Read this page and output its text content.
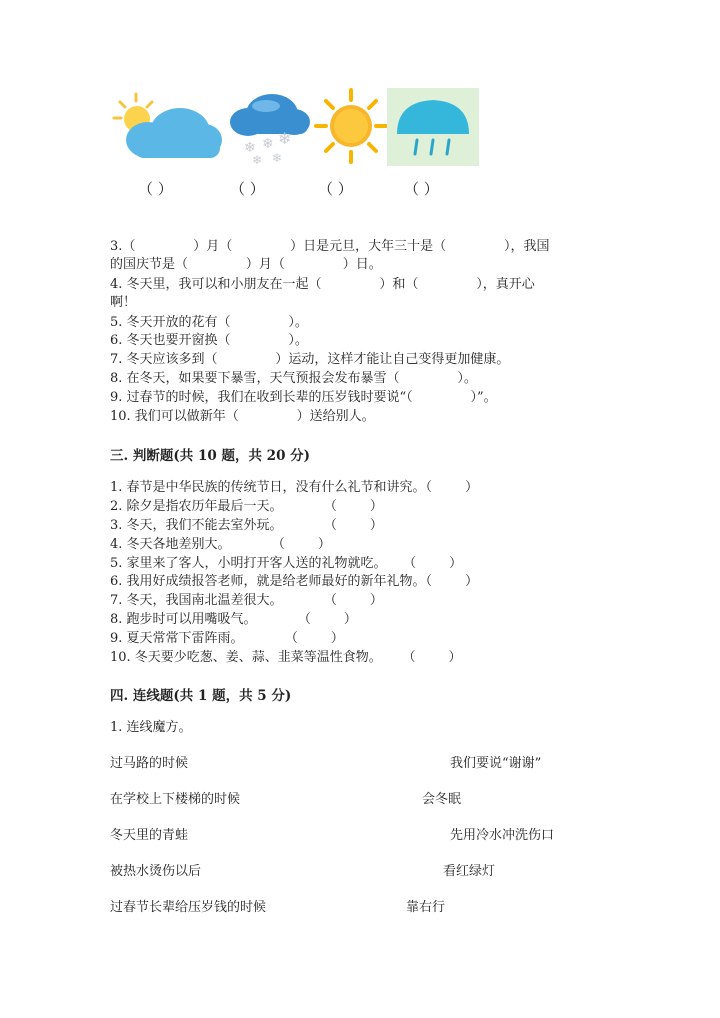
❄ ❄ ❄
❄ ❄
（ ）	（ ）	（ ）	（ ）
3.（              ）月（              ）日是元旦，大年三十是（              ），我国
的国庆节是（              ）月（              ）日。
4. 冬天里，我可以和小朋友在一起（              ）和（              ），真开心
啊！
5. 冬天开放的花有（              ）。
6. 冬天也要开窗换（              ）。
7. 冬天应该多到（              ）运动，这样才能让自己变得更加健康。
8. 在冬天，如果要下暴雪，天气预报会发布暴雪（              ）。
9. 过春节的时候，我们在收到长辈的压岁钱时要说“（              ）”。
10. 我们可以做新年（              ）送给别人。
三. 判断题(共 10 题，共 20 分)
1. 春节是中华民族的传统节日，没有什么礼节和讲究。（        ）
2. 除夕是指农历年最后一天。          （        ）
3. 冬天，我们不能去室外玩。          （        ）
4. 冬天各地差别大。          （        ）
5. 家里来了客人，小明打开客人送的礼物就吃。    （        ）
6. 我用好成绩报答老师，就是给老师最好的新年礼物。（        ）
7. 冬天，我国南北温差很大。          （        ）
8. 跑步时可以用嘴吸气。          （        ）
9. 夏天常常下雷阵雨。          （        ）
10. 冬天要少吃葱、姜、蒜、韭菜等温性食物。     （        ）
四. 连线题(共 1 题，共 5 分)
1. 连线魔方。
过马路的时候	我们要说“谢谢”
在学校上下楼梯的时候	会冬眠
冬天里的青蛙	先用冷水冲洗伤口
被热水烫伤以后	看红绿灯
过春节长辈给压岁钱的时候	靠右行
